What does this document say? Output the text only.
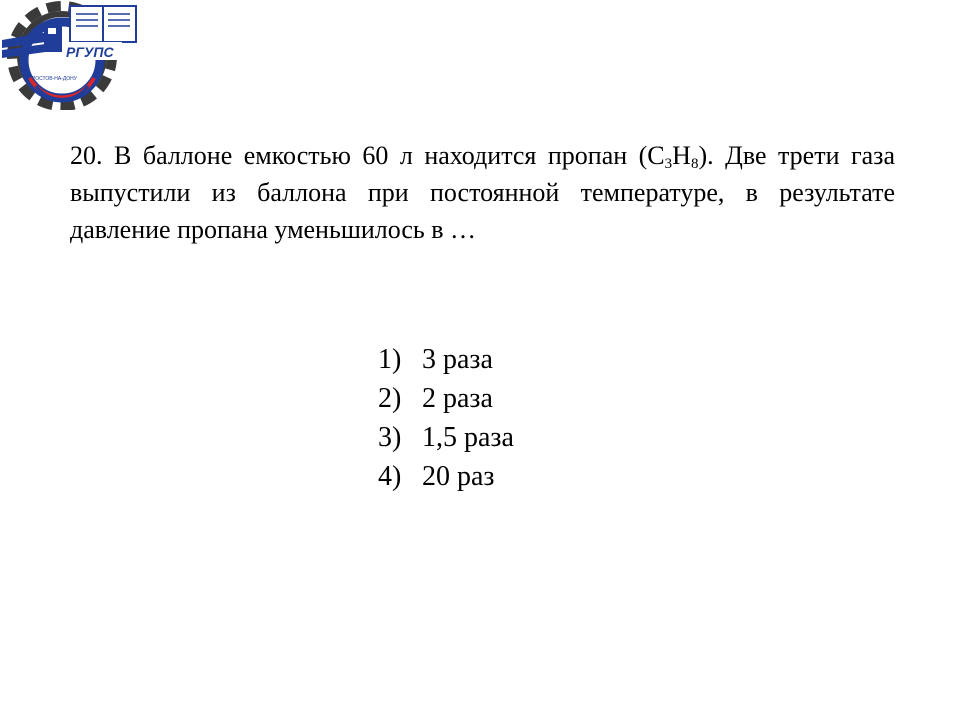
РГУПС
РОСТОВ-НА-ДОНУ
20. В баллоне емкостью 60 л находится пропан $(C_3H_8)$. Две трети газа выпустили из баллона при постоянной температуре, в результате давление пропана уменьшилось в …
1) 3 раза
2) 2 раза
3) 1,5 раза
4) 20 раз
